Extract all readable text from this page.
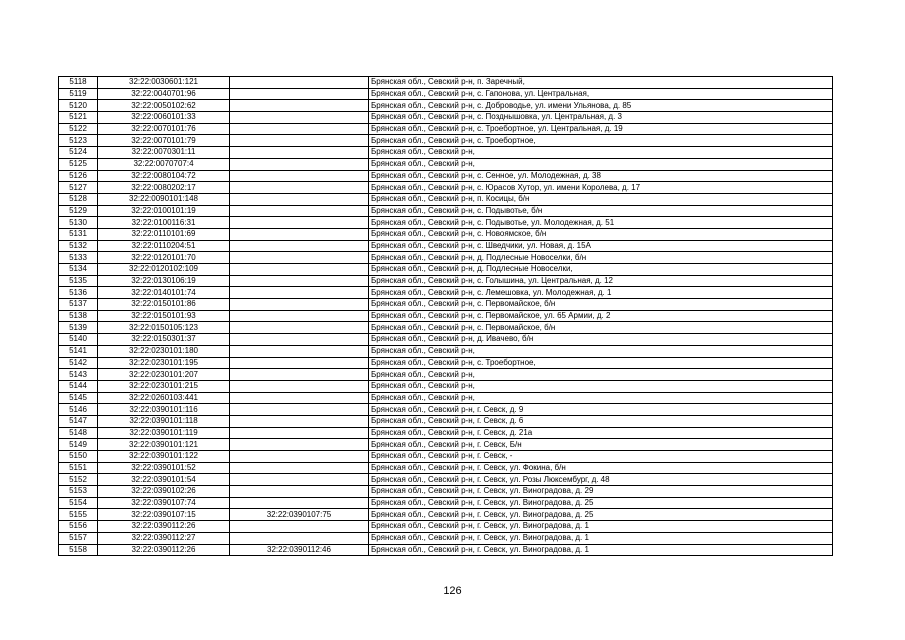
5118	32:22:0030601:121		Брянская обл., Севский р-н, п. Заречный,
5119	32:22:0040701:96		Брянская обл., Севский р-н, с. Гапонова, ул. Центральная,
5120	32:22:0050102:62		Брянская обл., Севский р-н, с. Доброводье, ул. имени Ульянова, д. 85
5121	32:22:0060101:33		Брянская обл., Севский р-н, с. Позднышовка, ул. Центральная, д. 3
5122	32:22:0070101:76		Брянская обл., Севский р-н, с. Троебортное, ул. Центральная, д. 19
5123	32:22:0070101:79		Брянская обл., Севский р-н, с. Троебортное,
5124	32:22:0070301:11		Брянская обл., Севский р-н,
5125	32:22:0070707:4		Брянская обл., Севский р-н,
5126	32:22:0080104:72		Брянская обл., Севский р-н, с. Сенное, ул. Молодежная, д. 38
5127	32:22:0080202:17		Брянская обл., Севский р-н, с. Юрасов Хутор, ул. имени Королева, д. 17
5128	32:22:0090101:148		Брянская обл., Севский р-н, п. Косицы, б/н
5129	32:22:0100101:19		Брянская обл., Севский р-н, с. Подывотье, б/н
5130	32:22:0100116:31		Брянская обл., Севский р-н, с. Подывотье, ул. Молодежная, д. 51
5131	32:22:0110101:69		Брянская обл., Севский р-н, с. Новоямское, б/н
5132	32:22:0110204:51		Брянская обл., Севский р-н, с. Шведчики, ул. Новая, д. 15А
5133	32:22:0120101:70		Брянская обл., Севский р-н, д. Подлесные Новоселки, б/н
5134	32:22:0120102:109		Брянская обл., Севский р-н, д. Подлесные Новоселки,
5135	32:22:0130106:19		Брянская обл., Севский р-н, с. Голышина, ул. Центральная, д. 12
5136	32:22:0140101:74		Брянская обл., Севский р-н, с. Лемешовка, ул. Молодежная, д. 1
5137	32:22:0150101:86		Брянская обл., Севский р-н, с. Первомайское, б/н
5138	32:22:0150101:93		Брянская обл., Севский р-н, с. Первомайское, ул. 65 Армии, д. 2
5139	32:22:0150105:123		Брянская обл., Севский р-н, с. Первомайское, б/н
5140	32:22:0150301:37		Брянская обл., Севский р-н, д. Ивачево, б/н
5141	32:22:0230101:180		Брянская обл., Севский р-н,
5142	32:22:0230101:195		Брянская обл., Севский р-н, с. Троебортное,
5143	32:22:0230101:207		Брянская обл., Севский р-н,
5144	32:22:0230101:215		Брянская обл., Севский р-н,
5145	32:22:0260103:441		Брянская обл., Севский р-н,
5146	32:22:0390101:116		Брянская обл., Севский р-н, г. Севск, д. 9
5147	32:22:0390101:118		Брянская обл., Севский р-н, г. Севск, д. 6
5148	32:22:0390101:119		Брянская обл., Севский р-н, г. Севск, д. 21а
5149	32:22:0390101:121		Брянская обл., Севский р-н, г. Севск, Б/н
5150	32:22:0390101:122		Брянская обл., Севский р-н, г. Севск, -
5151	32:22:0390101:52		Брянская обл., Севский р-н, г. Севск, ул. Фокина, б/н
5152	32:22:0390101:54		Брянская обл., Севский р-н, г. Севск, ул. Розы Люксембург, д. 48
5153	32:22:0390102:26		Брянская обл., Севский р-н, г. Севск, ул. Виноградова, д. 29
5154	32:22:0390107:74		Брянская обл., Севский р-н, г. Севск, ул. Виноградова, д. 25
5155	32:22:0390107:15	32:22:0390107:75	Брянская обл., Севский р-н, г. Севск, ул. Виноградова, д. 25
5156	32:22:0390112:26		Брянская обл., Севский р-н, г. Севск, ул. Виноградова, д. 1
5157	32:22:0390112:27		Брянская обл., Севский р-н, г. Севск, ул. Виноградова, д. 1
5158	32:22:0390112:26	32:22:0390112:46	Брянская обл., Севский р-н, г. Севск, ул. Виноградова, д. 1
126
